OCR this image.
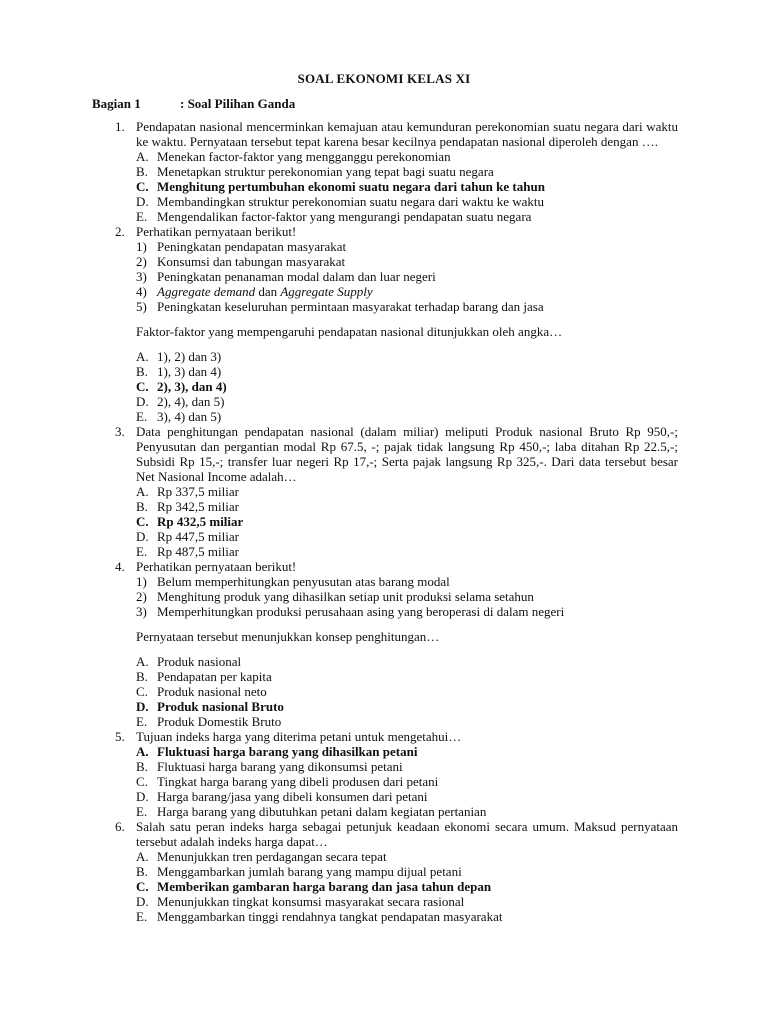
SOAL EKONOMI KELAS XI
Bagian 1	: Soal Pilihan Ganda
1. Pendapatan nasional mencerminkan kemajuan atau kemunduran perekonomian suatu negara dari waktu ke waktu. Pernyataan tersebut tepat karena besar kecilnya pendapatan nasional diperoleh dengan ….
A. Menekan factor-faktor yang mengganggu perekonomian
B. Menetapkan struktur perekonomian yang tepat bagi suatu negara
C. Menghitung pertumbuhan ekonomi suatu negara dari tahun ke tahun
D. Membandingkan struktur perekonomian suatu negara dari waktu ke waktu
E. Mengendalikan factor-faktor yang mengurangi pendapatan suatu negara
2. Perhatikan pernyataan berikut!
1) Peningkatan pendapatan masyarakat
2) Konsumsi dan tabungan masyarakat
3) Peningkatan penanaman modal dalam dan luar negeri
4) Aggregate demand dan Aggregate Supply
5) Peningkatan keseluruhan permintaan masyarakat terhadap barang dan jasa
Faktor-faktor yang mempengaruhi pendapatan nasional ditunjukkan oleh angka…
A. 1), 2) dan 3)
B. 1), 3) dan 4)
C. 2), 3), dan 4)
D. 2), 4), dan 5)
E. 3), 4) dan 5)
3. Data penghitungan pendapatan nasional (dalam miliar) meliputi Produk nasional Bruto Rp 950,-; Penyusutan dan pergantian modal Rp 67.5, -; pajak tidak langsung Rp 450,-; laba ditahan Rp 22.5,-; Subsidi Rp 15,-; transfer luar negeri Rp 17,-; Serta pajak langsung Rp 325,-. Dari data tersebut besar Net Nasional Income adalah…
A. Rp 337,5 miliar
B. Rp 342,5 miliar
C. Rp 432,5 miliar
D. Rp 447,5 miliar
E. Rp 487,5 miliar
4. Perhatikan pernyataan berikut!
1) Belum memperhitungkan penyusutan atas barang modal
2) Menghitung produk yang dihasilkan setiap unit produksi selama setahun
3) Memperhitungkan produksi perusahaan asing yang beroperasi di dalam negeri
Pernyataan tersebut menunjukkan konsep penghitungan…
A. Produk nasional
B. Pendapatan per kapita
C. Produk nasional neto
D. Produk nasional Bruto
E. Produk Domestik Bruto
5. Tujuan indeks harga yang diterima petani untuk mengetahui…
A. Fluktuasi harga barang yang dihasilkan petani
B. Fluktuasi harga barang yang dikonsumsi petani
C. Tingkat harga barang yang dibeli produsen dari petani
D. Harga barang/jasa yang dibeli konsumen dari petani
E. Harga barang yang dibutuhkan petani dalam kegiatan pertanian
6. Salah satu peran indeks harga sebagai petunjuk keadaan ekonomi secara umum. Maksud pernyataan tersebut adalah indeks harga dapat…
A. Menunjukkan tren perdagangan secara tepat
B. Menggambarkan jumlah barang yang mampu dijual petani
C. Memberikan gambaran harga barang dan jasa tahun depan
D. Menunjukkan tingkat konsumsi masyarakat secara rasional
E. Menggambarkan tinggi rendahnya tangkat pendapatan masyarakat
